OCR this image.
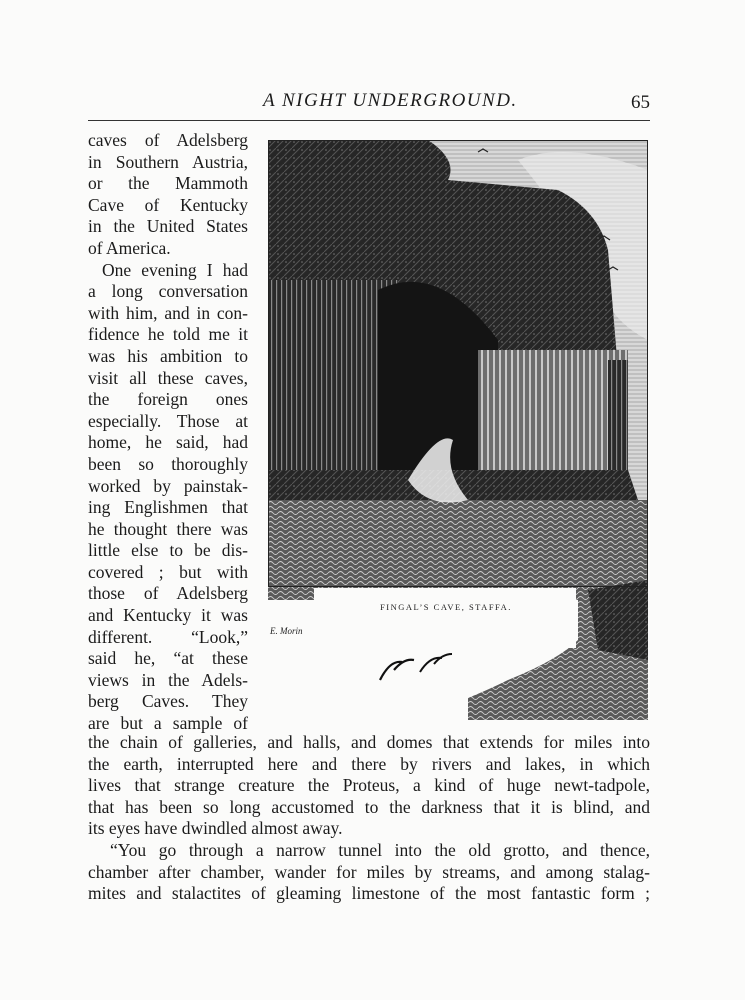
A NIGHT UNDERGROUND.	65
caves of Adelsberg
in Southern Austria,
or the Mammoth
Cave of Kentucky
in the United States
of America.
One evening I had
a long conversation
with him, and in con-
fidence he told me it
was his ambition to
visit all these caves,
the foreign ones
especially. Those at
home, he said, had
been so thoroughly
worked by painstak-
ing Englishmen that
he thought there was
little else to be dis-
covered ; but with
those of Adelsberg
and Kentucky it was
different. “Look,”
said he, “at these
views in the Adels-
berg Caves. They
are but a sample of
E. Morin
FINGAL’S CAVE, STAFFA.
the chain of galleries, and halls, and domes that extends for miles into
the earth, interrupted here and there by rivers and lakes, in which
lives that strange creature the Proteus, a kind of huge newt-tadpole,
that has been so long accustomed to the darkness that it is blind, and
its eyes have dwindled almost away.
“You go through a narrow tunnel into the old grotto, and thence,
chamber after chamber, wander for miles by streams, and among stalag-
mites and stalactites of gleaming limestone of the most fantastic form ;
